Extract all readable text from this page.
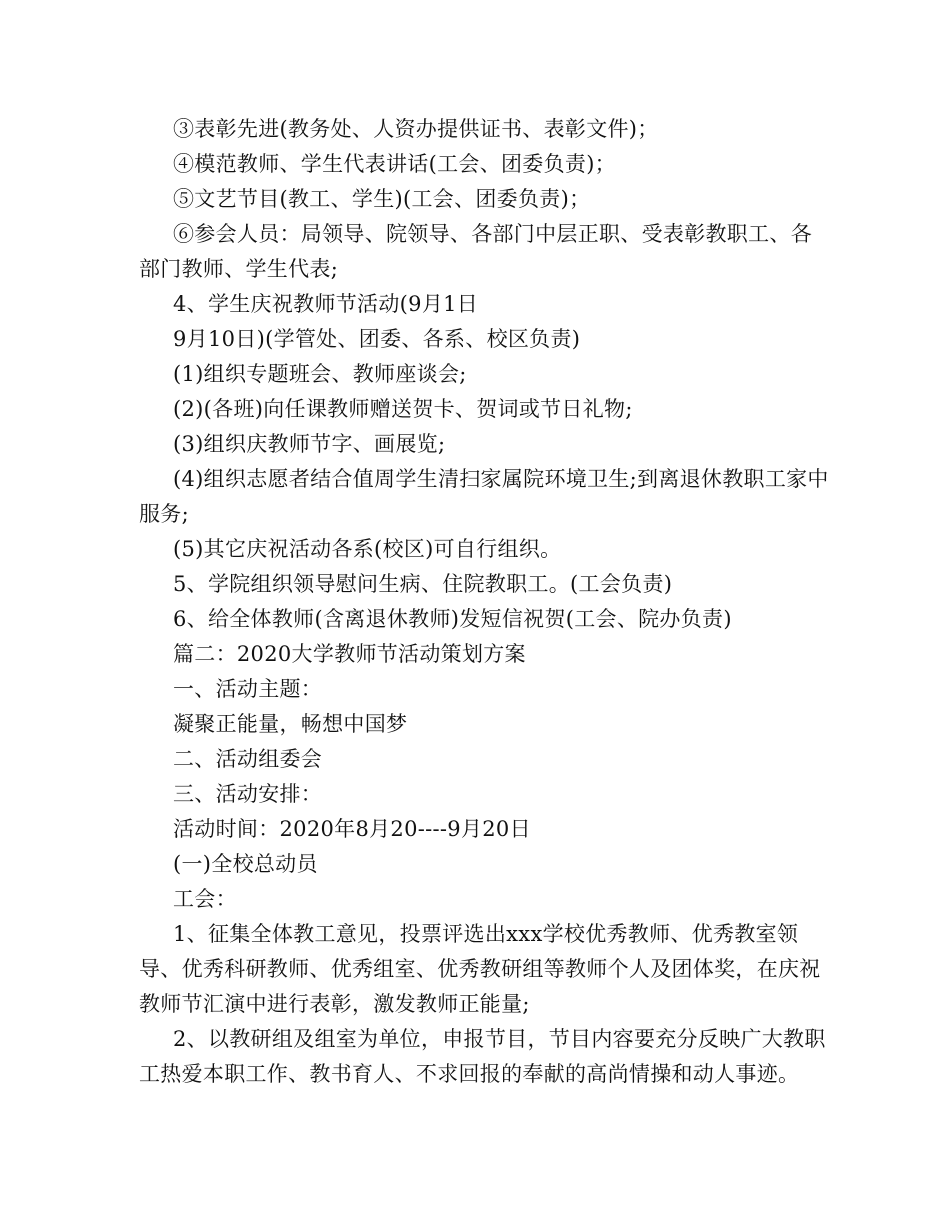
③表彰先进(教务处、人资办提供证书、表彰文件)；

④模范教师、学生代表讲话(工会、团委负责)；

⑤文艺节目(教工、学生)(工会、团委负责)；

⑥参会人员：局领导、院领导、各部门中层正职、受表彰教职工、各部门教师、学生代表;

4、学生庆祝教师节活动(9月1日

9月10日)(学管处、团委、各系、校区负责)

(1)组织专题班会、教师座谈会;

(2)(各班)向任课教师赠送贺卡、贺词或节日礼物;

(3)组织庆教师节字、画展览;

(4)组织志愿者结合值周学生清扫家属院环境卫生;到离退休教职工家中服务;

(5)其它庆祝活动各系(校区)可自行组织。

5、学院组织领导慰问生病、住院教职工。(工会负责)

6、给全体教师(含离退休教师)发短信祝贺(工会、院办负责)

篇二：2020大学教师节活动策划方案

一、活动主题：

凝聚正能量，畅想中国梦

二、活动组委会

三、活动安排：

活动时间：2020年8月20----9月20日

(一)全校总动员

工会：

1、征集全体教工意见，投票评选出xxx学校优秀教师、优秀教室领导、优秀科研教师、优秀组室、优秀教研组等教师个人及团体奖，在庆祝教师节汇演中进行表彰，激发教师正能量;

2、以教研组及组室为单位，申报节目，节目内容要充分反映广大教职工热爱本职工作、教书育人、不求回报的奉献的高尚情操和动人事迹。
